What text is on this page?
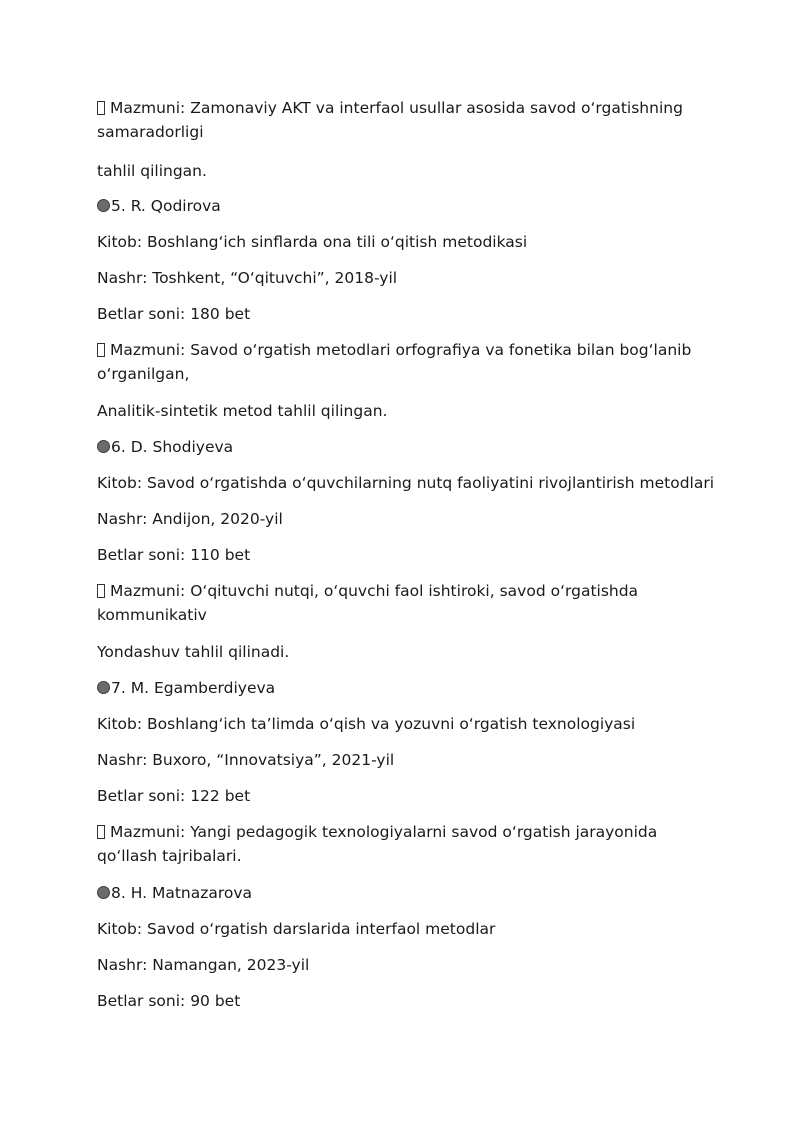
Mazmuni: Zamonaviy AKT va interfaol usullar asosida savod o‘rgatishning samaradorligi
tahlil qilingan.
5. R. Qodirova
Kitob: Boshlang‘ich sinflarda ona tili o‘qitish metodikasi
Nashr: Toshkent, “O‘qituvchi”, 2018-yil
Betlar soni: 180 bet
Mazmuni: Savod o‘rgatish metodlari orfografiya va fonetika bilan bog‘lanib o‘rganilgan,
Analitik-sintetik metod tahlil qilingan.
6. D. Shodiyeva
Kitob: Savod o‘rgatishda o‘quvchilarning nutq faoliyatini rivojlantirish metodlari
Nashr: Andijon, 2020-yil
Betlar soni: 110 bet
Mazmuni: O‘qituvchi nutqi, o‘quvchi faol ishtiroki, savod o‘rgatishda kommunikativ
Yondashuv tahlil qilinadi.
7. M. Egamberdiyeva
Kitob: Boshlang‘ich ta’limda o‘qish va yozuvni o‘rgatish texnologiyasi
Nashr: Buxoro, “Innovatsiya”, 2021-yil
Betlar soni: 122 bet
Mazmuni: Yangi pedagogik texnologiyalarni savod o‘rgatish jarayonida qo‘llash tajribalari.
8. H. Matnazarova
Kitob: Savod o‘rgatish darslarida interfaol metodlar
Nashr: Namangan, 2023-yil
Betlar soni: 90 bet
